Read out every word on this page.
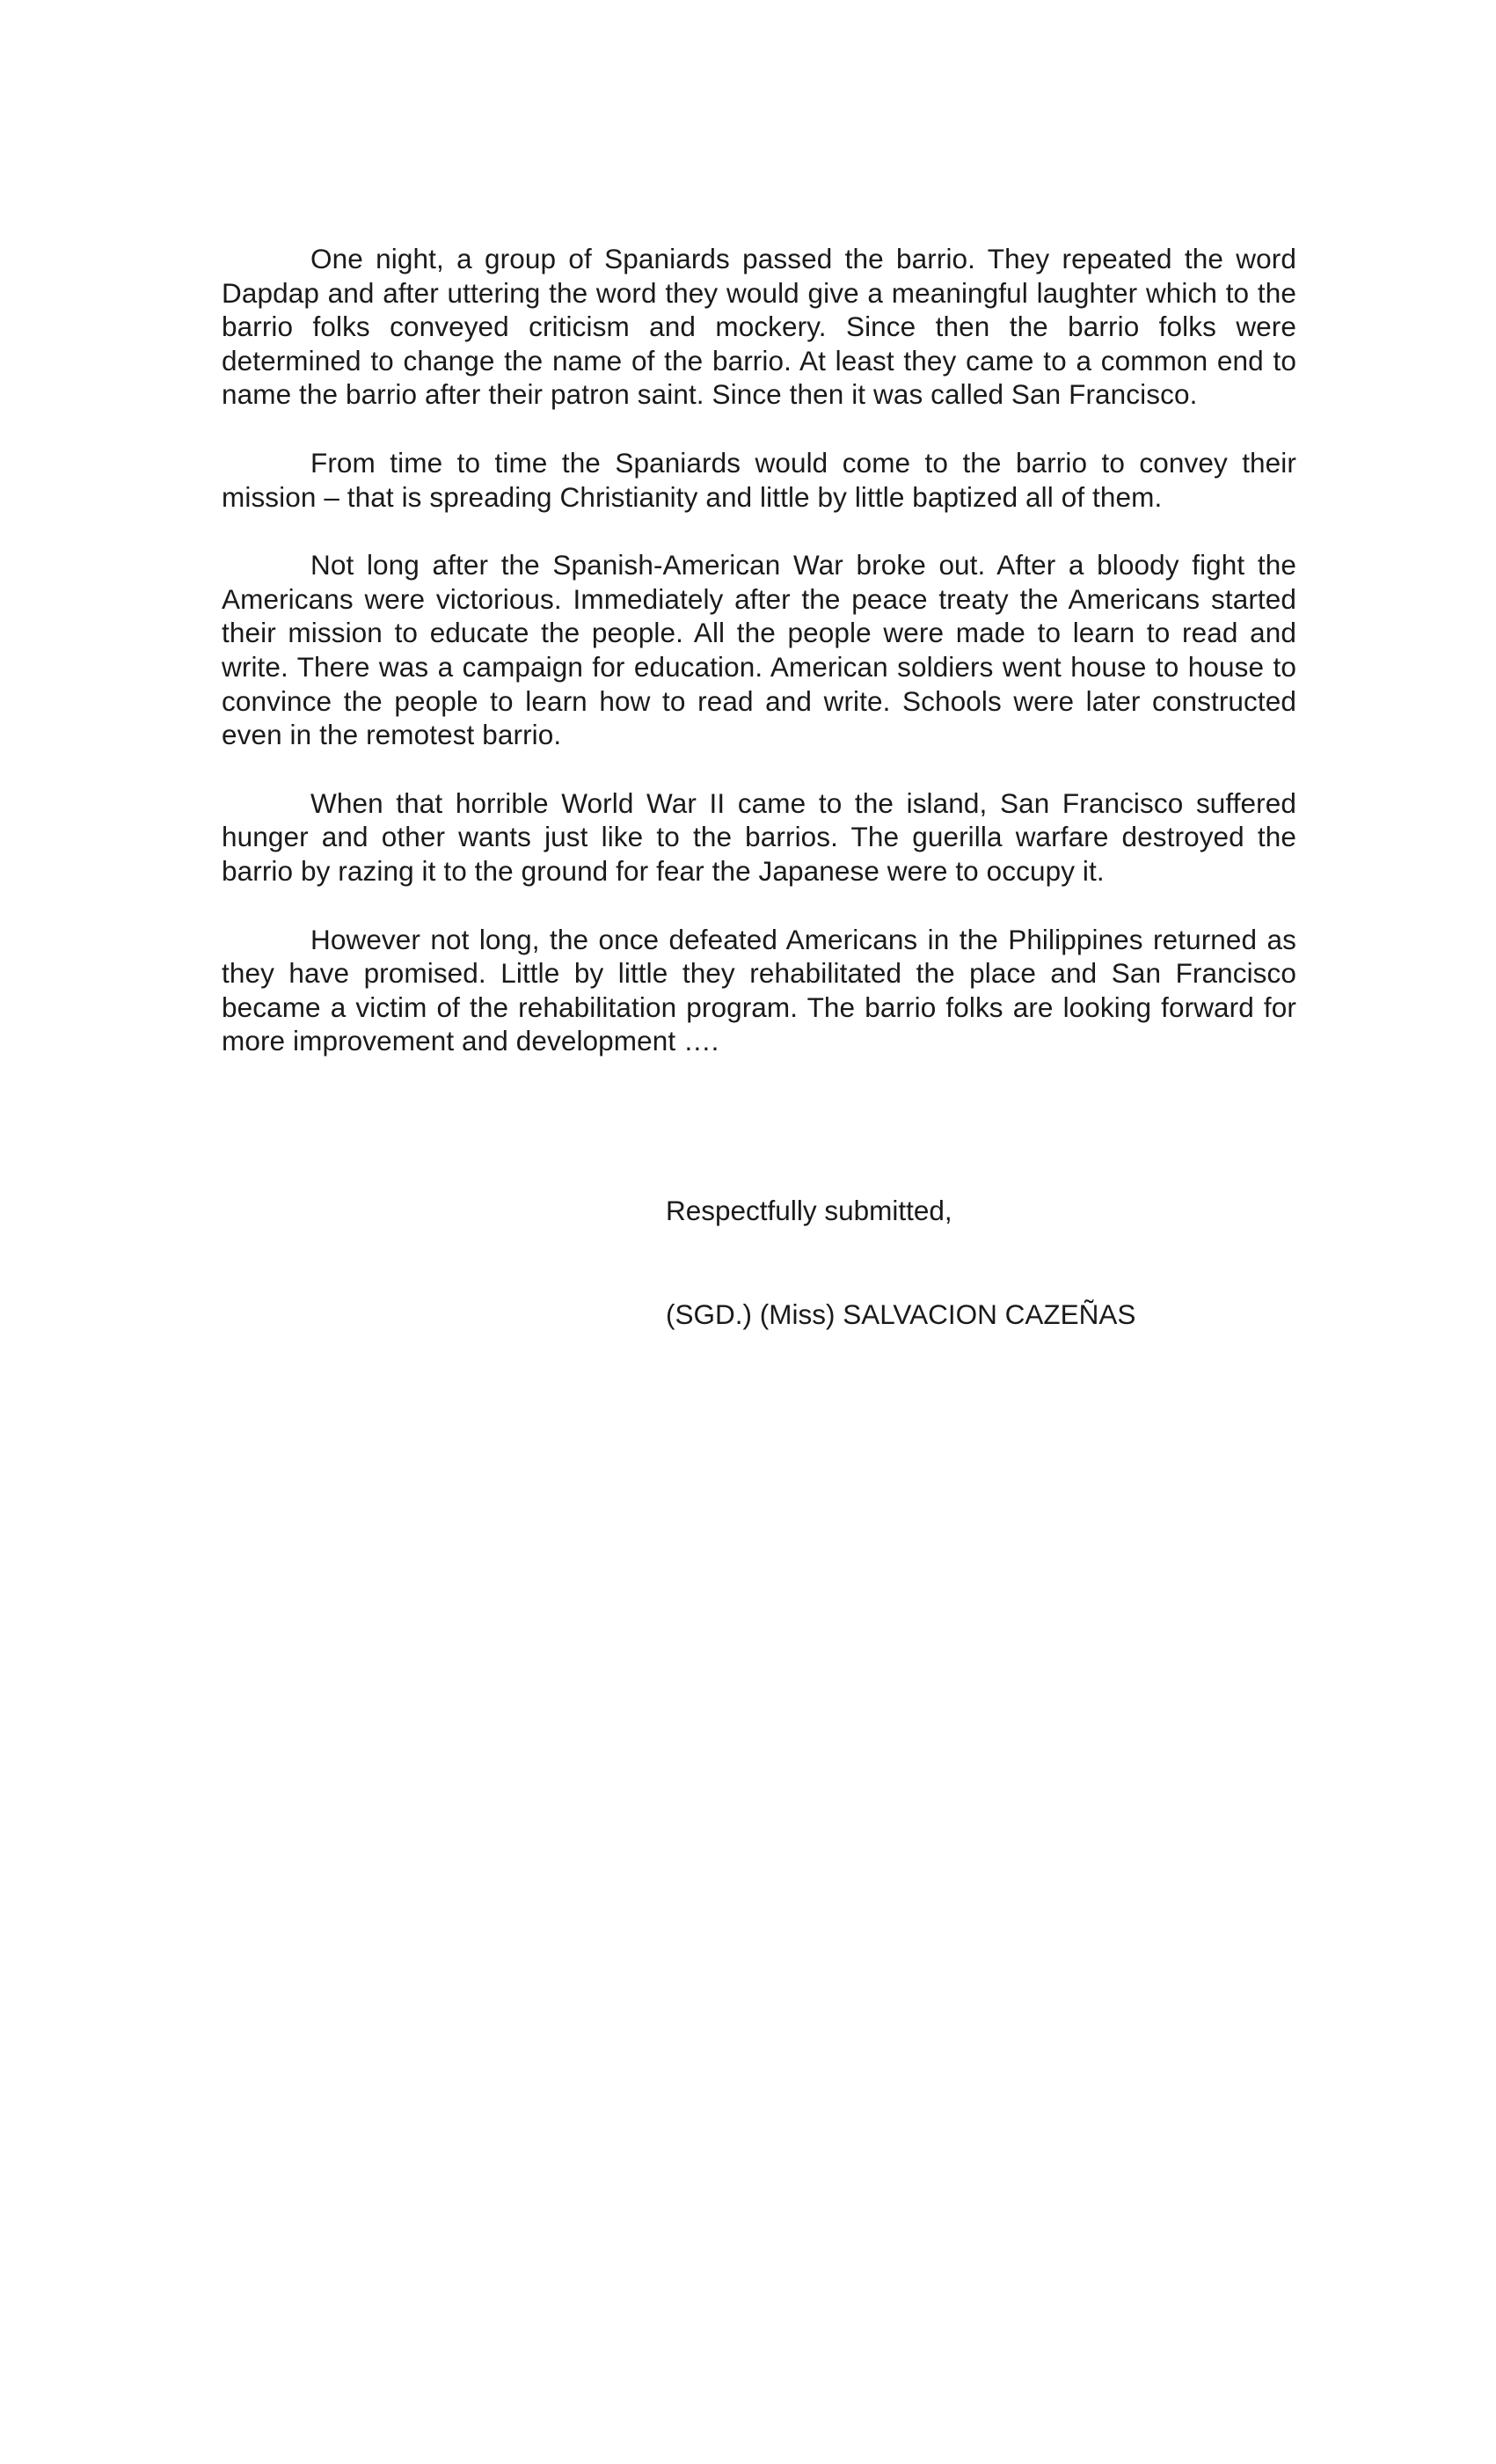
One night, a group of Spaniards passed the barrio. They repeated the word Dapdap and after uttering the word they would give a meaningful laughter which to the barrio folks conveyed criticism and mockery. Since then the barrio folks were determined to change the name of the barrio. At least they came to a common end to name the barrio after their patron saint. Since then it was called San Francisco.

From time to time the Spaniards would come to the barrio to convey their mission – that is spreading Christianity and little by little baptized all of them.

Not long after the Spanish-American War broke out. After a bloody fight the Americans were victorious. Immediately after the peace treaty the Americans started their mission to educate the people. All the people were made to learn to read and write. There was a campaign for education. American soldiers went house to house to convince the people to learn how to read and write. Schools were later constructed even in the remotest barrio.

When that horrible World War II came to the island, San Francisco suffered hunger and other wants just like to the barrios. The guerilla warfare destroyed the barrio by razing it to the ground for fear the Japanese were to occupy it.

However not long, the once defeated Americans in the Philippines returned as they have promised. Little by little they rehabilitated the place and San Francisco became a victim of the rehabilitation program. The barrio folks are looking forward for more improvement and development ….

Respectfully submitted,

(SGD.) (Miss) SALVACION CAZEÑAS
